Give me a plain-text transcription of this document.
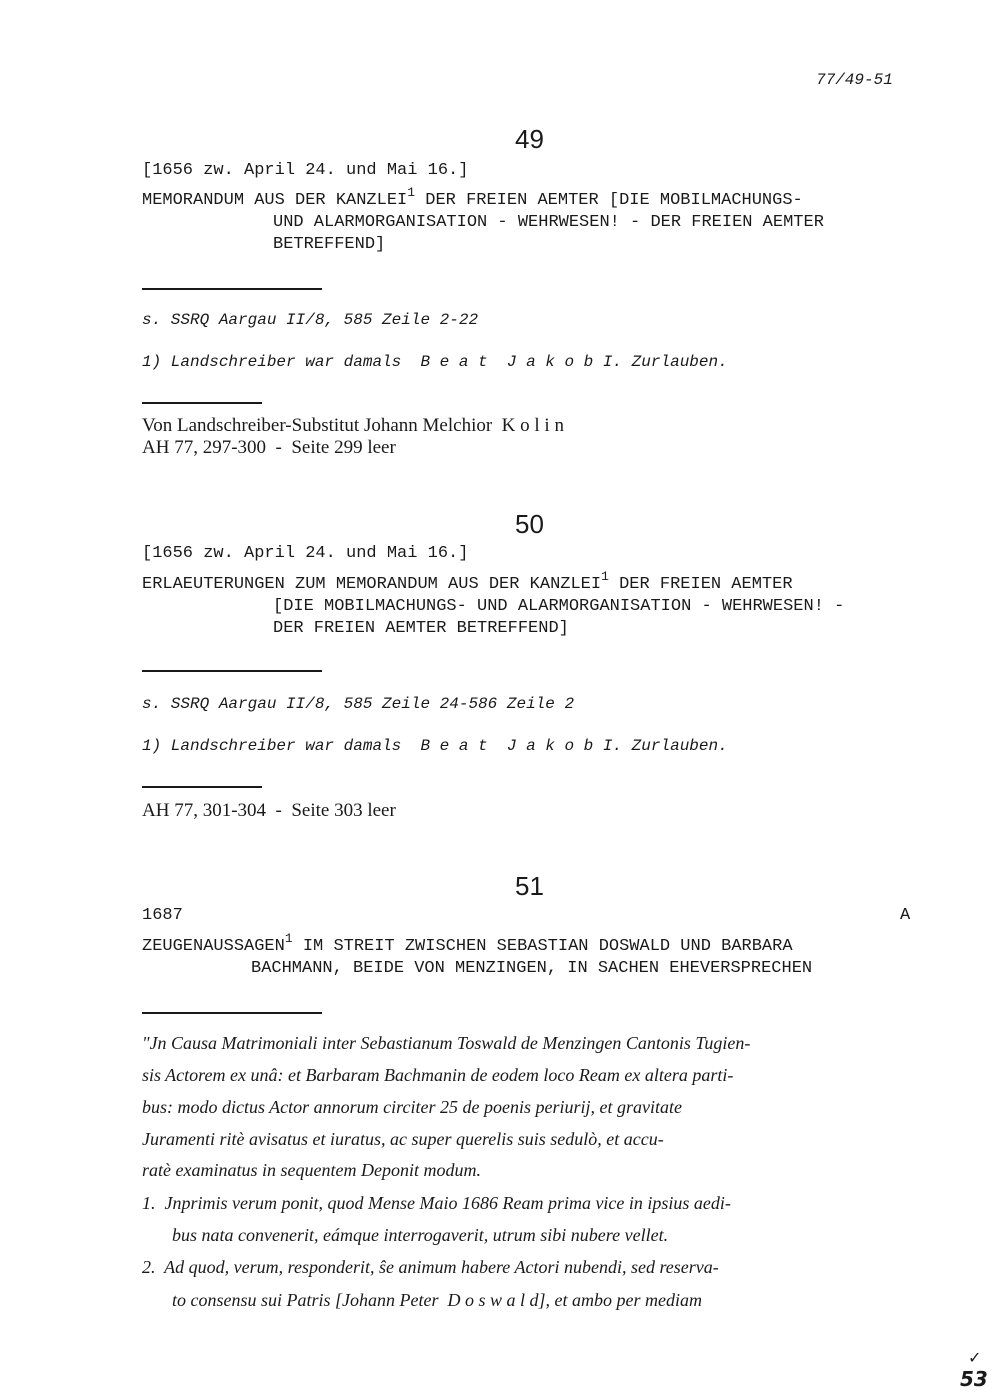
77/49-51
49
[1656 zw. April 24. und Mai 16.]
MEMORANDUM AUS DER KANZLEI$^1$ DER FREIEN AEMTER [DIE MOBILMACHUNGS-
UND ALARMORGANISATION - WEHRWESEN! - DER FREIEN AEMTER
BETREFFEND]
s. SSRQ Aargau II/8, 585 Zeile 2-22
1) Landschreiber war damals  B e a t  J a k o b I. Zurlauben.
Von Landschreiber-Substitut Johann Melchior  K o l i n
AH 77, 297-300  -  Seite 299 leer
50
[1656 zw. April 24. und Mai 16.]
ERLAEUTERUNGEN ZUM MEMORANDUM AUS DER KANZLEI$^1$ DER FREIEN AEMTER
[DIE MOBILMACHUNGS- UND ALARMORGANISATION - WEHRWESEN! -
DER FREIEN AEMTER BETREFFEND]
s. SSRQ Aargau II/8, 585 Zeile 24-586 Zeile 2
1) Landschreiber war damals  B e a t  J a k o b I. Zurlauben.
AH 77, 301-304  -  Seite 303 leer
51
1687	A
ZEUGENAUSSAGEN$^1$ IM STREIT ZWISCHEN SEBASTIAN DOSWALD UND BARBARA
BACHMANN, BEIDE VON MENZINGEN, IN SACHEN EHEVERSPRECHEN
"Jn Causa Matrimoniali inter Sebastianum Toswald de Menzingen Cantonis Tugien-
sis Actorem ex unâ: et Barbaram Bachmanin de eodem loco Ream ex altera parti-
bus: modo dictus Actor annorum circiter 25 de poenis periurij, et gravitate
Juramenti ritè avisatus et iuratus, ac super querelis suis sedulò, et accu-
ratè examinatus in sequentem Deponit modum.
1.  Jnprimis verum ponit, quod Mense Maio 1686 Ream prima vice in ipsius aedi-
bus nata convenerit, eámque interrogaverit, utrum sibi nubere vellet.
2.  Ad quod, verum, responderit, ŝe animum habere Actori nubendi, sed reserva-
to consensu sui Patris [Johann Peter  D o s w a l d], et ambo per mediam
✓
53
